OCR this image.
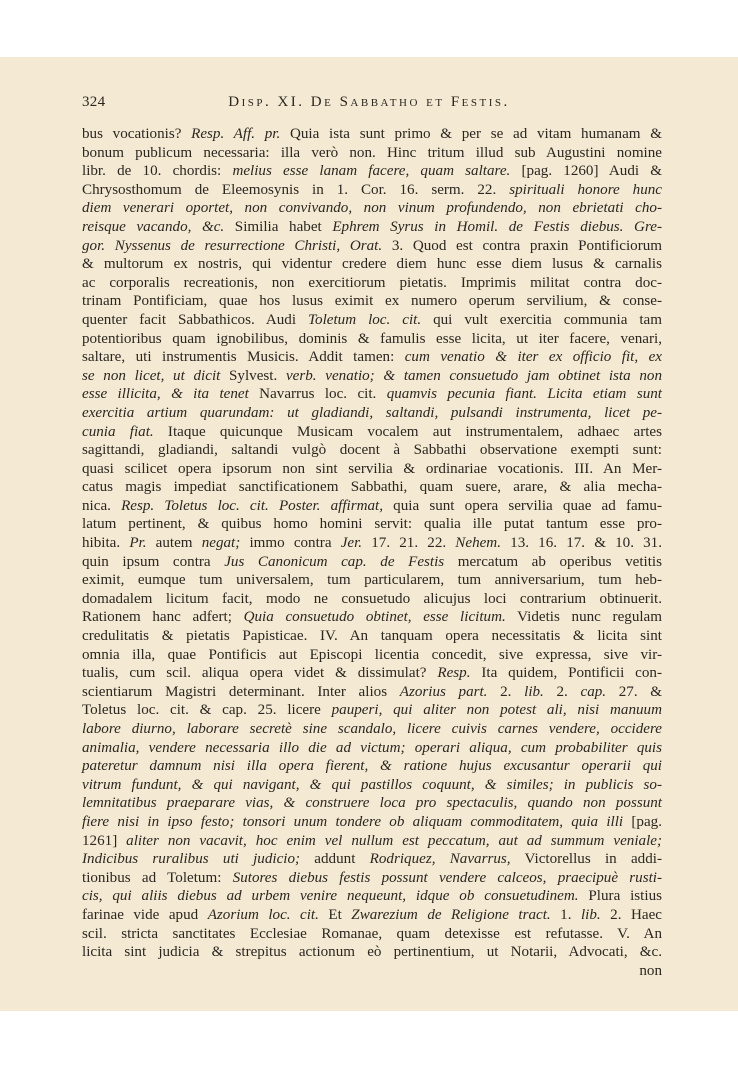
324	Disp. XI. De Sabbatho et Festis.
bus vocationis? Resp. Aff. pr. Quia ista sunt primo & per se ad vitam humanam &
bonum publicum necessaria: illa verò non. Hinc tritum illud sub Augustini nomine
libr. de 10. chordis: melius esse lanam facere, quam saltare. [pag. 1260] Audi &
Chrysosthomum de Eleemosynis in 1. Cor. 16. serm. 22. spirituali honore hunc
diem venerari oportet, non convivando, non vinum profundendo, non ebrietati cho-
reisque vacando, &c. Similia habet Ephrem Syrus in Homil. de Festis diebus. Gre-
gor. Nyssenus de resurrectione Christi, Orat. 3. Quod est contra praxin Pontificiorum
& multorum ex nostris, qui videntur credere diem hunc esse diem lusus & carnalis
ac corporalis recreationis, non exercitiorum pietatis. Imprimis militat contra doc-
trinam Pontificiam, quae hos lusus eximit ex numero operum servilium, & conse-
quenter facit Sabbathicos. Audi Toletum loc. cit. qui vult exercitia communia tam
potentioribus quam ignobilibus, dominis & famulis esse licita, ut iter facere, venari,
saltare, uti instrumentis Musicis. Addit tamen: cum venatio & iter ex officio fit, ex
se non licet, ut dicit Sylvest. verb. venatio; & tamen consuetudo jam obtinet ista non
esse illicita, & ita tenet Navarrus loc. cit. quamvis pecunia fiant. Licita etiam sunt
exercitia artium quarundam: ut gladiandi, saltandi, pulsandi instrumenta, licet pe-
cunia fiat. Itaque quicunque Musicam vocalem aut instrumentalem, adhaec artes
sagittandi, gladiandi, saltandi vulgò docent à Sabbathi observatione exempti sunt:
quasi scilicet opera ipsorum non sint servilia & ordinariae vocationis. III. An Mer-
catus magis impediat sanctificationem Sabbathi, quam suere, arare, & alia mecha-
nica. Resp. Toletus loc. cit. Poster. affirmat, quia sunt opera servilia quae ad famu-
latum pertinent, & quibus homo homini servit: qualia ille putat tantum esse pro-
hibita. Pr. autem negat; immo contra Jer. 17. 21. 22. Nehem. 13. 16. 17. & 10. 31.
quin ipsum contra Jus Canonicum cap. de Festis mercatum ab operibus vetitis
eximit, eumque tum universalem, tum particularem, tum anniversarium, tum heb-
domadalem licitum facit, modo ne consuetudo alicujus loci contrarium obtinuerit.
Rationem hanc adfert; Quia consuetudo obtinet, esse licitum. Videtis nunc regulam
credulitatis & pietatis Papisticae. IV. An tanquam opera necessitatis & licita sint
omnia illa, quae Pontificis aut Episcopi licentia concedit, sive expressa, sive vir-
tualis, cum scil. aliqua opera videt & dissimulat? Resp. Ita quidem, Pontificii con-
scientiarum Magistri determinant. Inter alios Azorius part. 2. lib. 2. cap. 27. &
Toletus loc. cit. & cap. 25. licere pauperi, qui aliter non potest ali, nisi manuum
labore diurno, laborare secretè sine scandalo, licere cuivis carnes vendere, occidere
animalia, vendere necessaria illo die ad victum; operari aliqua, cum probabiliter quis
pateretur damnum nisi illa opera fierent, & ratione hujus excusantur operarii qui
vitrum fundunt, & qui navigant, & qui pastillos coquunt, & similes; in publicis so-
lemnitatibus praeparare vias, & construere loca pro spectaculis, quando non possunt
fiere nisi in ipso festo; tonsori unum tondere ob aliquam commoditatem, quia illi [pag.
1261] aliter non vacavit, hoc enim vel nullum est peccatum, aut ad summum veniale;
Indicibus ruralibus uti judicio; addunt Rodriquez, Navarrus, Victorellus in addi-
tionibus ad Toletum: Sutores diebus festis possunt vendere calceos, praecipuè rusti-
cis, qui aliis diebus ad urbem venire nequeunt, idque ob consuetudinem. Plura istius
farinae vide apud Azorium loc. cit. Et Zwarezium de Religione tract. 1. lib. 2. Haec
scil. stricta sanctitates Ecclesiae Romanae, quam detexisse est refutasse. V. An
licita sint judicia & strepitus actionum eò pertinentium, ut Notarii, Advocati, &c.
non
